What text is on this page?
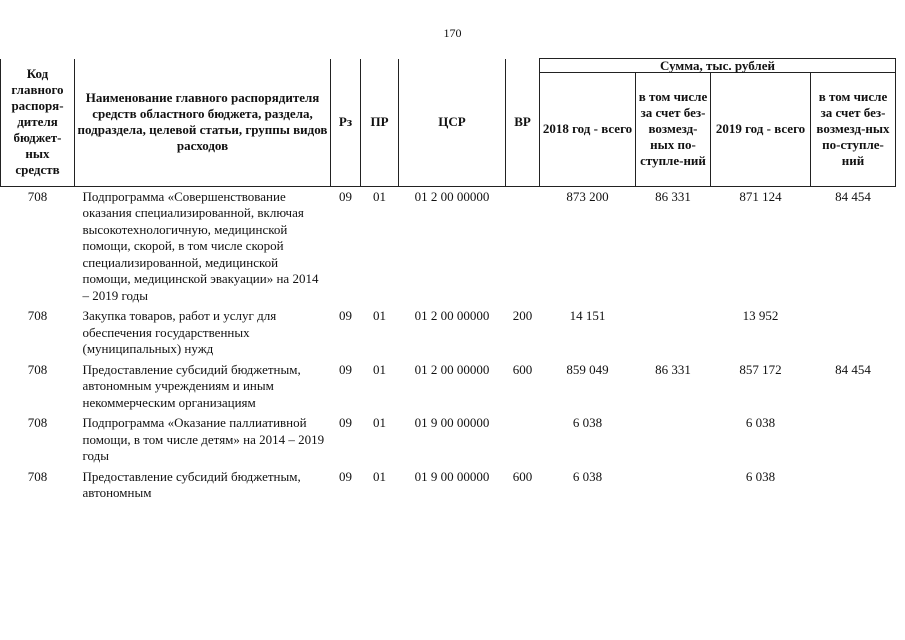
170
Код главного распоря-дителя бюджет-ных средств	Наименование главного распорядителя средств областного бюджета, раздела, подраздела, целевой статьи, группы видов расходов	Рз	ПР	ЦСР	ВР	Сумма, тыс. рублей			
						2018 год - всего	в том числе за счет без-возмезд-ных по-ступле-ний	2019 год - всего	в том числе за счет без-возмезд-ных по-ступле-ний
708	Подпрограмма «Совершенствование оказания специализированной, включая высокотехнологичную, медицинской помощи, скорой, в том числе скорой специализированной, медицинской помощи, медицинской эвакуации» на 2014 – 2019 годы	09	01	01 2 00 00000		873 200	86 331	871 124	84 454
708	Закупка товаров, работ и услуг для обеспечения государственных (муниципальных) нужд	09	01	01 2 00 00000	200	14 151		13 952	
708	Предоставление субсидий бюджетным, автономным учреждениям и иным некоммерческим организациям	09	01	01 2 00 00000	600	859 049	86 331	857 172	84 454
708	Подпрограмма «Оказание паллиативной помощи, в том числе детям» на 2014 – 2019 годы	09	01	01 9 00 00000		6 038		6 038	
708	Предоставление субсидий бюджетным, автономным	09	01	01 9 00 00000	600	6 038		6 038	
